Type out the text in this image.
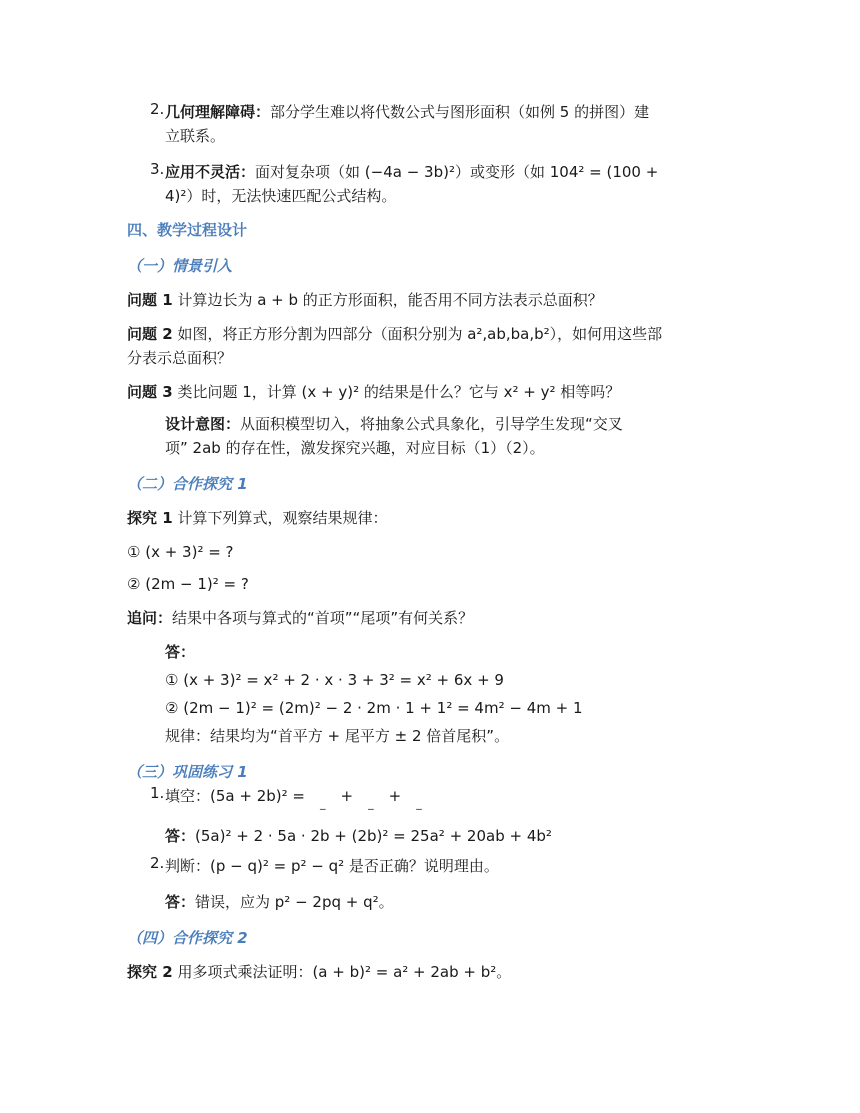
2. 几何理解障碍：部分学生难以将代数公式与图形面积（如例 5 的拼图）建
立联系。
3. 应用不灵活：面对复杂项（如 (−4a − 3b)²）或变形（如 104² = (100 +
4)²）时，无法快速匹配公式结构。
四、教学过程设计
（一）情景引入
问题 1 计算边长为 a + b 的正方形面积，能否用不同方法表示总面积？
问题 2 如图，将正方形分割为四部分（面积分别为 a²,ab,ba,b²），如何用这些部
分表示总面积？
问题 3 类比问题 1，计算 (x + y)² 的结果是什么？它与 x² + y² 相等吗？
设计意图：从面积模型切入，将抽象公式具象化，引导学生发现“交叉
项” 2ab 的存在性，激发探究兴趣，对应目标（1）（2）。
（二）合作探究 1
探究 1 计算下列算式，观察结果规律：
① (x + 3)² = ?
② (2m − 1)² = ?
追问：结果中各项与算式的“首项”“尾项”有何关系？
答：
① (x + 3)² = x² + 2 · x · 3 + 3² = x² + 6x + 9
② (2m − 1)² = (2m)² − 2 · 2m · 1 + 1² = 4m² − 4m + 1
规律：结果均为“首平方 + 尾平方 ± 2 倍首尾积”。
（三）巩固练习 1
1. 填空：(5a + 2b)² = _ + _ + _
答：(5a)² + 2 · 5a · 2b + (2b)² = 25a² + 20ab + 4b²
2. 判断：(p − q)² = p² − q² 是否正确？说明理由。
答：错误，应为 p² − 2pq + q²。
（四）合作探究 2
探究 2 用多项式乘法证明：(a + b)² = a² + 2ab + b²。
